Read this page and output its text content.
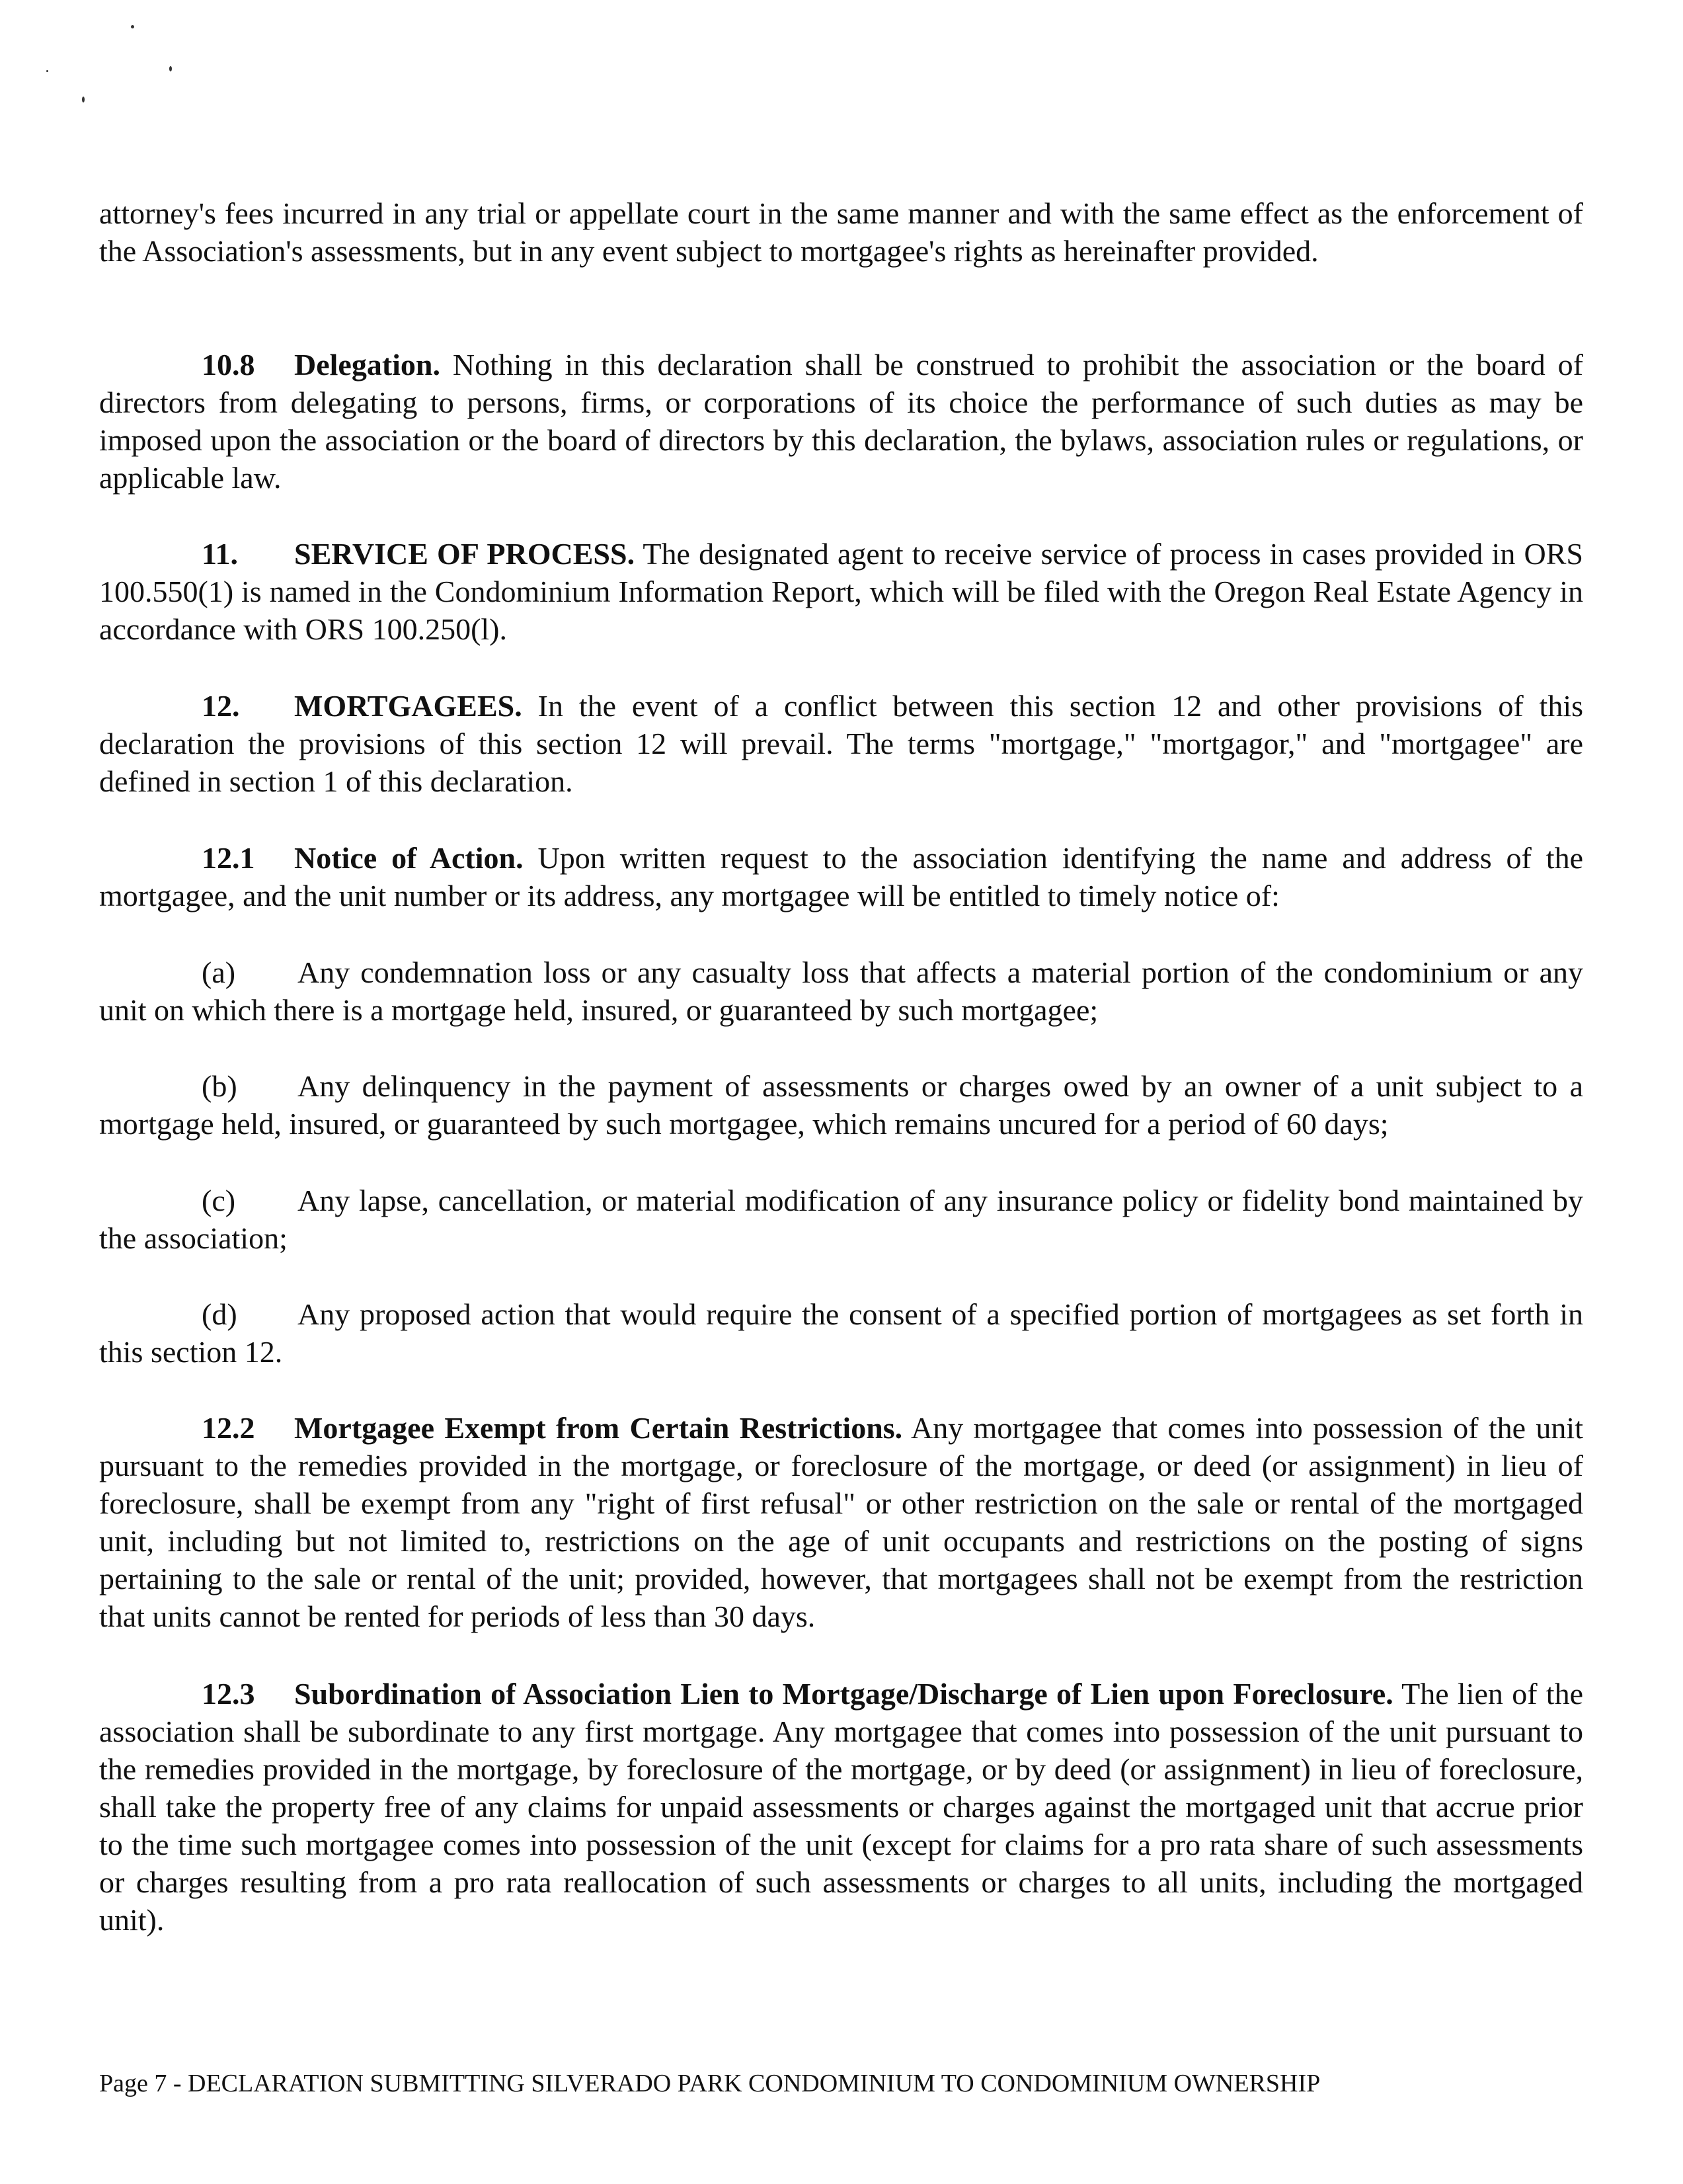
attorney's fees incurred in any trial or appellate court in the same manner and with the same effect as the enforcement of the Association's assessments, but in any event subject to mortgagee's rights as hereinafter provided.

10.8 Delegation. Nothing in this declaration shall be construed to prohibit the association or the board of directors from delegating to persons, firms, or corporations of its choice the performance of such duties as may be imposed upon the association or the board of directors by this declaration, the bylaws, association rules or regulations, or applicable law.

11. SERVICE OF PROCESS. The designated agent to receive service of process in cases provided in ORS 100.550(1) is named in the Condominium Information Report, which will be filed with the Oregon Real Estate Agency in accordance with ORS 100.250(l).

12. MORTGAGEES. In the event of a conflict between this section 12 and other provisions of this declaration the provisions of this section 12 will prevail. The terms "mortgage," "mortgagor," and "mortgagee" are defined in section 1 of this declaration.

12.1 Notice of Action. Upon written request to the association identifying the name and address of the mortgagee, and the unit number or its address, any mortgagee will be entitled to timely notice of:

(a) Any condemnation loss or any casualty loss that affects a material portion of the condominium or any unit on which there is a mortgage held, insured, or guaranteed by such mortgagee;

(b) Any delinquency in the payment of assessments or charges owed by an owner of a unit subject to a mortgage held, insured, or guaranteed by such mortgagee, which remains uncured for a period of 60 days;

(c) Any lapse, cancellation, or material modification of any insurance policy or fidelity bond maintained by the association;

(d) Any proposed action that would require the consent of a specified portion of mortgagees as set forth in this section 12.

12.2 Mortgagee Exempt from Certain Restrictions. Any mortgagee that comes into possession of the unit pursuant to the remedies provided in the mortgage, or foreclosure of the mortgage, or deed (or assignment) in lieu of foreclosure, shall be exempt from any "right of first refusal" or other restriction on the sale or rental of the mortgaged unit, including but not limited to, restrictions on the age of unit occupants and restrictions on the posting of signs pertaining to the sale or rental of the unit; provided, however, that mortgagees shall not be exempt from the restriction that units cannot be rented for periods of less than 30 days.

12.3 Subordination of Association Lien to Mortgage/Discharge of Lien upon Foreclosure. The lien of the association shall be subordinate to any first mortgage. Any mortgagee that comes into possession of the unit pursuant to the remedies provided in the mortgage, by foreclosure of the mortgage, or by deed (or assignment) in lieu of foreclosure, shall take the property free of any claims for unpaid assessments or charges against the mortgaged unit that accrue prior to the time such mortgagee comes into possession of the unit (except for claims for a pro rata share of such assessments or charges resulting from a pro rata reallocation of such assessments or charges to all units, including the mortgaged unit).

Page 7 - DECLARATION SUBMITTING SILVERADO PARK CONDOMINIUM TO CONDOMINIUM OWNERSHIP
